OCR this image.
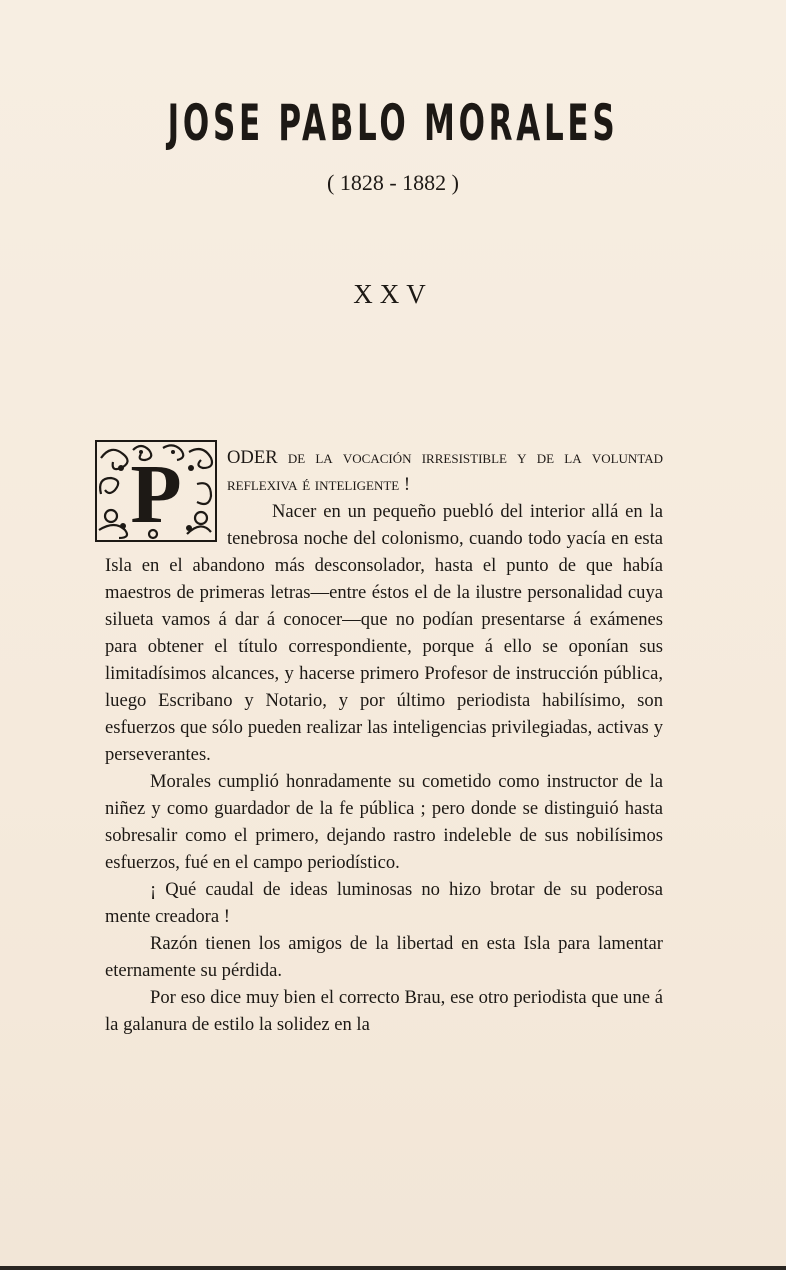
JOSE PABLO MORALES
( 1828 - 1882 )
XXV
P	ODER de la vocación irresistible y de la voluntad reflexiva é inteligente !

Nacer en un pequeño puebló del interior allá en la tenebrosa noche del colonismo, cuando todo yacía en esta Isla en el abandono más desconsolador, hasta el punto de que había maestros de primeras letras—entre éstos el de la ilustre personalidad cuya silueta vamos á dar á conocer—que no podían presentarse á exámenes para obtener el título correspondiente, porque á ello se oponían sus limitadísimos alcances, y hacerse primero Profesor de instrucción pública, luego Escribano y Notario, y por último periodista habilísimo, son esfuerzos que sólo pueden realizar las inteligencias privilegiadas, activas y perseverantes.

Morales cumplió honradamente su cometido como instructor de la niñez y como guardador de la fe pública ; pero donde se distinguió hasta sobresalir como el primero, dejando rastro indeleble de sus nobilísimos esfuerzos, fué en el campo periodístico.

¡ Qué caudal de ideas luminosas no hizo brotar de su poderosa mente creadora !

Razón tienen los amigos de la libertad en esta Isla para lamentar eternamente su pérdida.

Por eso dice muy bien el correcto Brau, ese otro periodista que une á la galanura de estilo la solidez en la
